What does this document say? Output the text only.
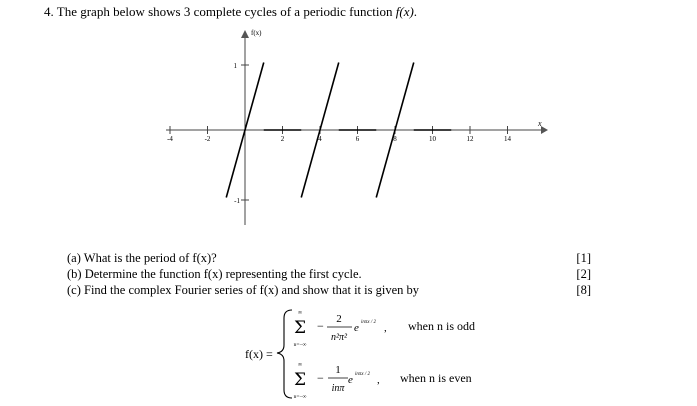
4. The graph below shows 3 complete cycles of a periodic function f(x).
f(x)
x
-4	-2	2	4	6	8	10	12	14
1
-1
(a) What is the period of f(x)?
(b) Determine the function f(x) representing the first cycle.
(c) Find the complex Fourier series of f(x) and show that it is given by
[1]
[2]
[8]
f(x) =
∞
Σ
n=−∞
− 2
n²π²
e inπx / 2 , when n is odd
∞
Σ
n=−∞
−
1
inπ
e inπx / 2 , when n is even
